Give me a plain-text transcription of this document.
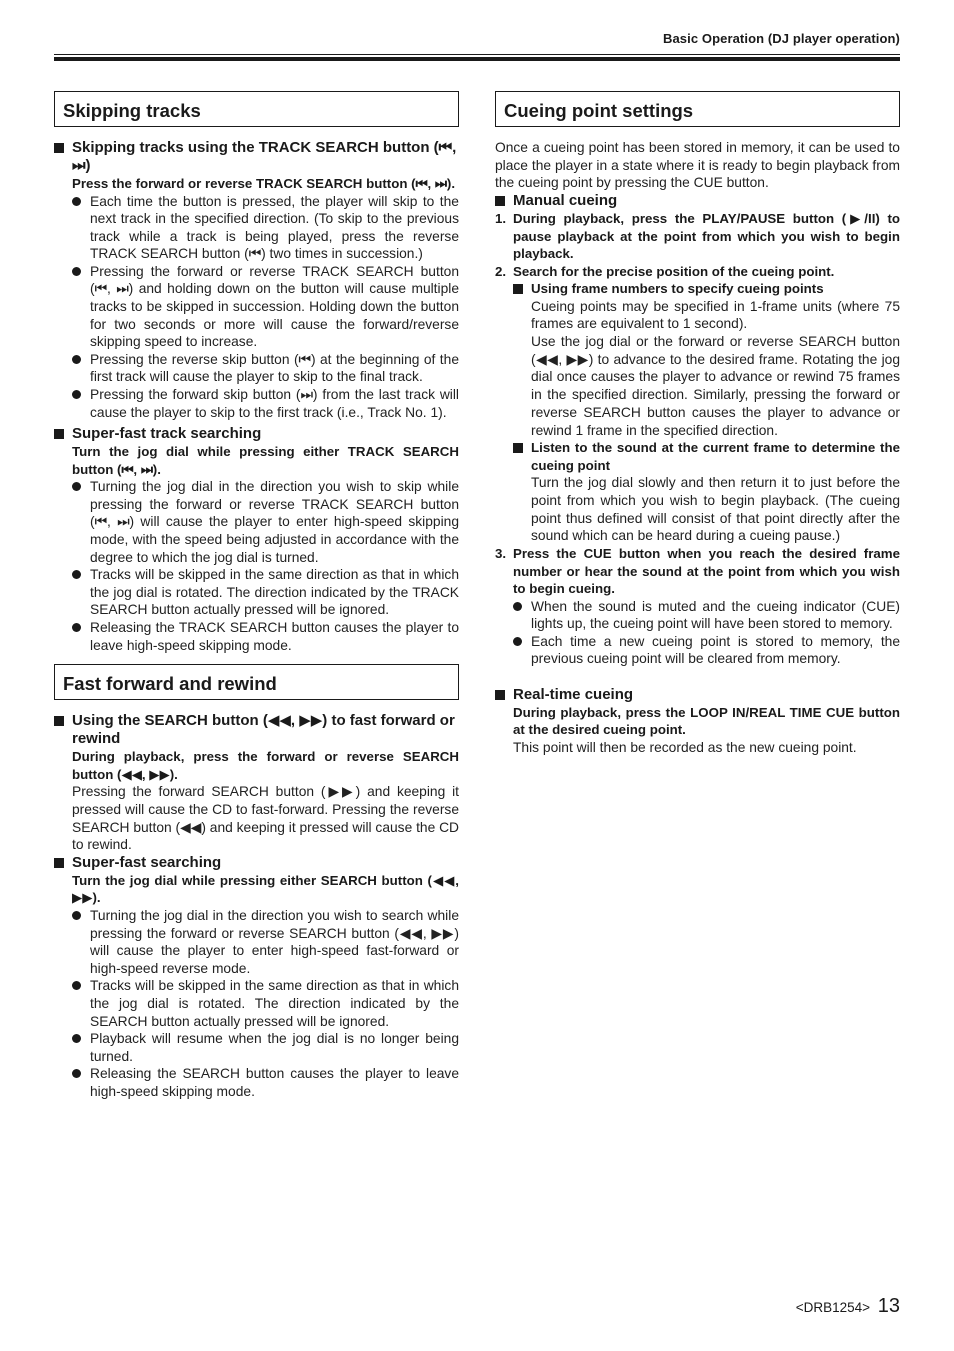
Basic Operation (DJ player operation)
Skipping tracks
Skipping tracks using the TRACK SEARCH button (⏮, ⏭)
Press the forward or reverse TRACK SEARCH button (⏮, ⏭).
Each time the button is pressed, the player will skip to the next track in the specified direction. (To skip to the previous track while a track is being played, press the reverse TRACK SEARCH button (⏮) two times in succession.)
Pressing the forward or reverse TRACK SEARCH button (⏮, ⏭) and holding down on the button will cause multiple tracks to be skipped in succession. Holding down the button for two seconds or more will cause the forward/reverse skipping speed to increase.
Pressing the reverse skip button (⏮) at the beginning of the first track will cause the player to skip to the final track.
Pressing the forward skip button (⏭) from the last track will cause the player to skip to the first track (i.e., Track No. 1).
Super-fast track searching
Turn the jog dial while pressing either TRACK SEARCH button (⏮, ⏭).
Turning the jog dial in the direction you wish to skip while pressing the forward or reverse TRACK SEARCH button (⏮, ⏭) will cause the player to enter high-speed skipping mode, with the speed being adjusted in accordance with the degree to which the jog dial is turned.
Tracks will be skipped in the same direction as that in which the jog dial is rotated. The direction indicated by the TRACK SEARCH button actually pressed will be ignored.
Releasing the TRACK SEARCH button causes the player to leave high-speed skipping mode.
Fast forward and rewind
Using the SEARCH button (◀◀, ▶▶) to fast forward or rewind
During playback, press the forward or reverse SEARCH button (◀◀, ▶▶).
Pressing the forward SEARCH button (▶▶) and keeping it pressed will cause the CD to fast-forward. Pressing the reverse SEARCH button (◀◀) and keeping it pressed will cause the CD to rewind.
Super-fast searching
Turn the jog dial while pressing either SEARCH button (◀◀, ▶▶).
Turning the jog dial in the direction you wish to search while pressing the forward or reverse SEARCH button (◀◀, ▶▶) will cause the player to enter high-speed fast-forward or high-speed reverse mode.
Tracks will be skipped in the same direction as that in which the jog dial is rotated. The direction indicated by the SEARCH button actually pressed will be ignored.
Playback will resume when the jog dial is no longer being turned.
Releasing the SEARCH button causes the player to leave high-speed skipping mode.
Cueing point settings
Once a cueing point has been stored in memory, it can be used to place the player in a state where it is ready to begin playback from the cueing point by pressing the CUE button.
Manual cueing
1. During playback, press the PLAY/PAUSE button (▶/II) to pause playback at the point from which you wish to begin playback.
2. Search for the precise position of the cueing point.
Using frame numbers to specify cueing points
Cueing points may be specified in 1-frame units (where 75 frames are equivalent to 1 second).
Use the jog dial or the forward or reverse SEARCH button (◀◀, ▶▶) to advance to the desired frame. Rotating the jog dial once causes the player to advance or rewind 75 frames in the specified direction. Similarly, pressing the forward or reverse SEARCH button causes the player to advance or rewind 1 frame in the specified direction.
Listen to the sound at the current frame to determine the cueing point
Turn the jog dial slowly and then return it to just before the point from which you wish to begin playback. (The cueing point thus defined will consist of that point directly after the sound which can be heard during a cueing pause.)
3. Press the CUE button when you reach the desired frame number or hear the sound at the point from which you wish to begin cueing.
When the sound is muted and the cueing indicator (CUE) lights up, the cueing point will have been stored to memory.
Each time a new cueing point is stored to memory, the previous cueing point will be cleared from memory.
Real-time cueing
During playback, press the LOOP IN/REAL TIME CUE button at the desired cueing point.
This point will then be recorded as the new cueing point.
<DRB1254> 13
